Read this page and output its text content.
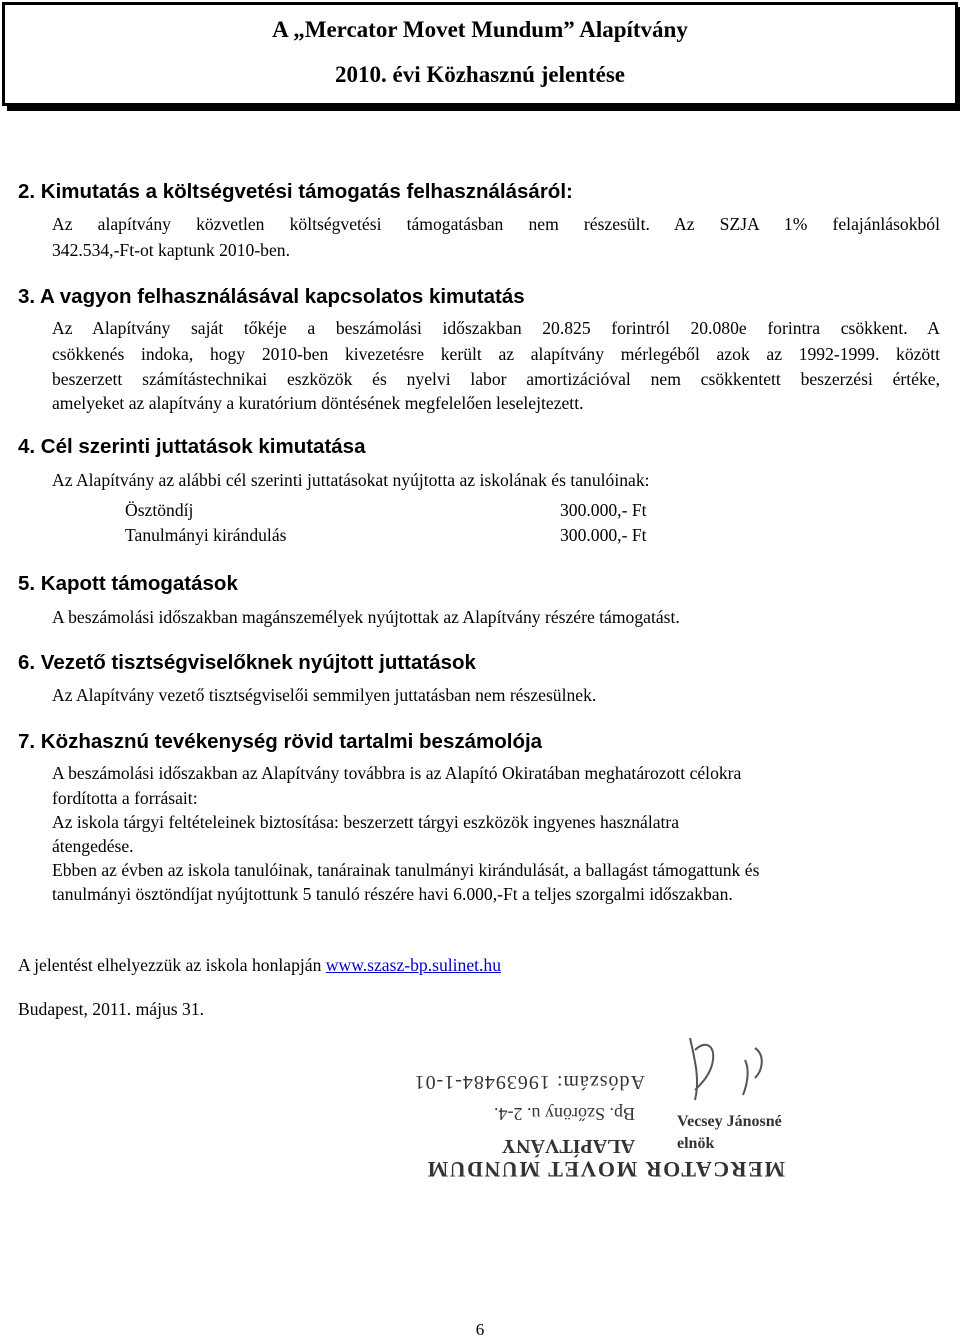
A „Mercator Movet Mundum” Alapítvány
2010. évi Közhasznú jelentése
2. Kimutatás a költségvetési támogatás felhasználásáról:
Az alapítvány közvetlen költségvetési támogatásban nem részesült. Az SZJA 1% felajánlásokból
342.534,-Ft-ot kaptunk 2010-ben.
3. A vagyon felhasználásával kapcsolatos kimutatás
Az Alapítvány saját tőkéje a beszámolási időszakban 20.825 forintról 20.080e forintra csökkent. A
csökkenés indoka, hogy 2010-ben kivezetésre került az alapítvány mérlegéből azok az 1992-1999. között
beszerzett számítástechnikai eszközök és nyelvi labor amortizációval nem csökkentett beszerzési értéke,
amelyeket az alapítvány a kuratórium döntésének megfelelően leselejtezett.
4. Cél szerinti juttatások kimutatása
Az Alapítvány az alábbi cél szerinti juttatásokat nyújtotta az iskolának és tanulóinak:
Ösztöndíj	300.000,- Ft
Tanulmányi kirándulás	300.000,- Ft
5. Kapott támogatások
A beszámolási időszakban magánszemélyek nyújtottak az Alapítvány részére támogatást.
6. Vezető tisztségviselőknek nyújtott juttatások
Az Alapítvány vezető tisztségviselői semmilyen juttatásban nem részesülnek.
7. Közhasznú tevékenység rövid tartalmi beszámolója
A beszámolási időszakban az Alapítvány továbbra is az Alapító Okiratában meghatározott célokra
fordította a forrásait:
Az iskola tárgyi feltételeinek biztosítása: beszerzett tárgyi eszközök ingyenes használatra
átengedése.
Ebben az évben az iskola tanulóinak, tanárainak tanulmányi kirándulását, a ballagást támogattunk és
tanulmányi ösztöndíjat nyújtottunk 5 tanuló részére havi 6.000,-Ft a teljes szorgalmi időszakban.
A jelentést elhelyezzük az iskola honlapján www.szasz-bp.sulinet.hu
Budapest, 2011. május 31.
Adószám: 19639484-1-01
Bp. Szőröny u. 2-4.
ALAPÍTVÁNY
MERCATOR MOVET MUNDUM
Vecsey Jánosné
elnök
6
